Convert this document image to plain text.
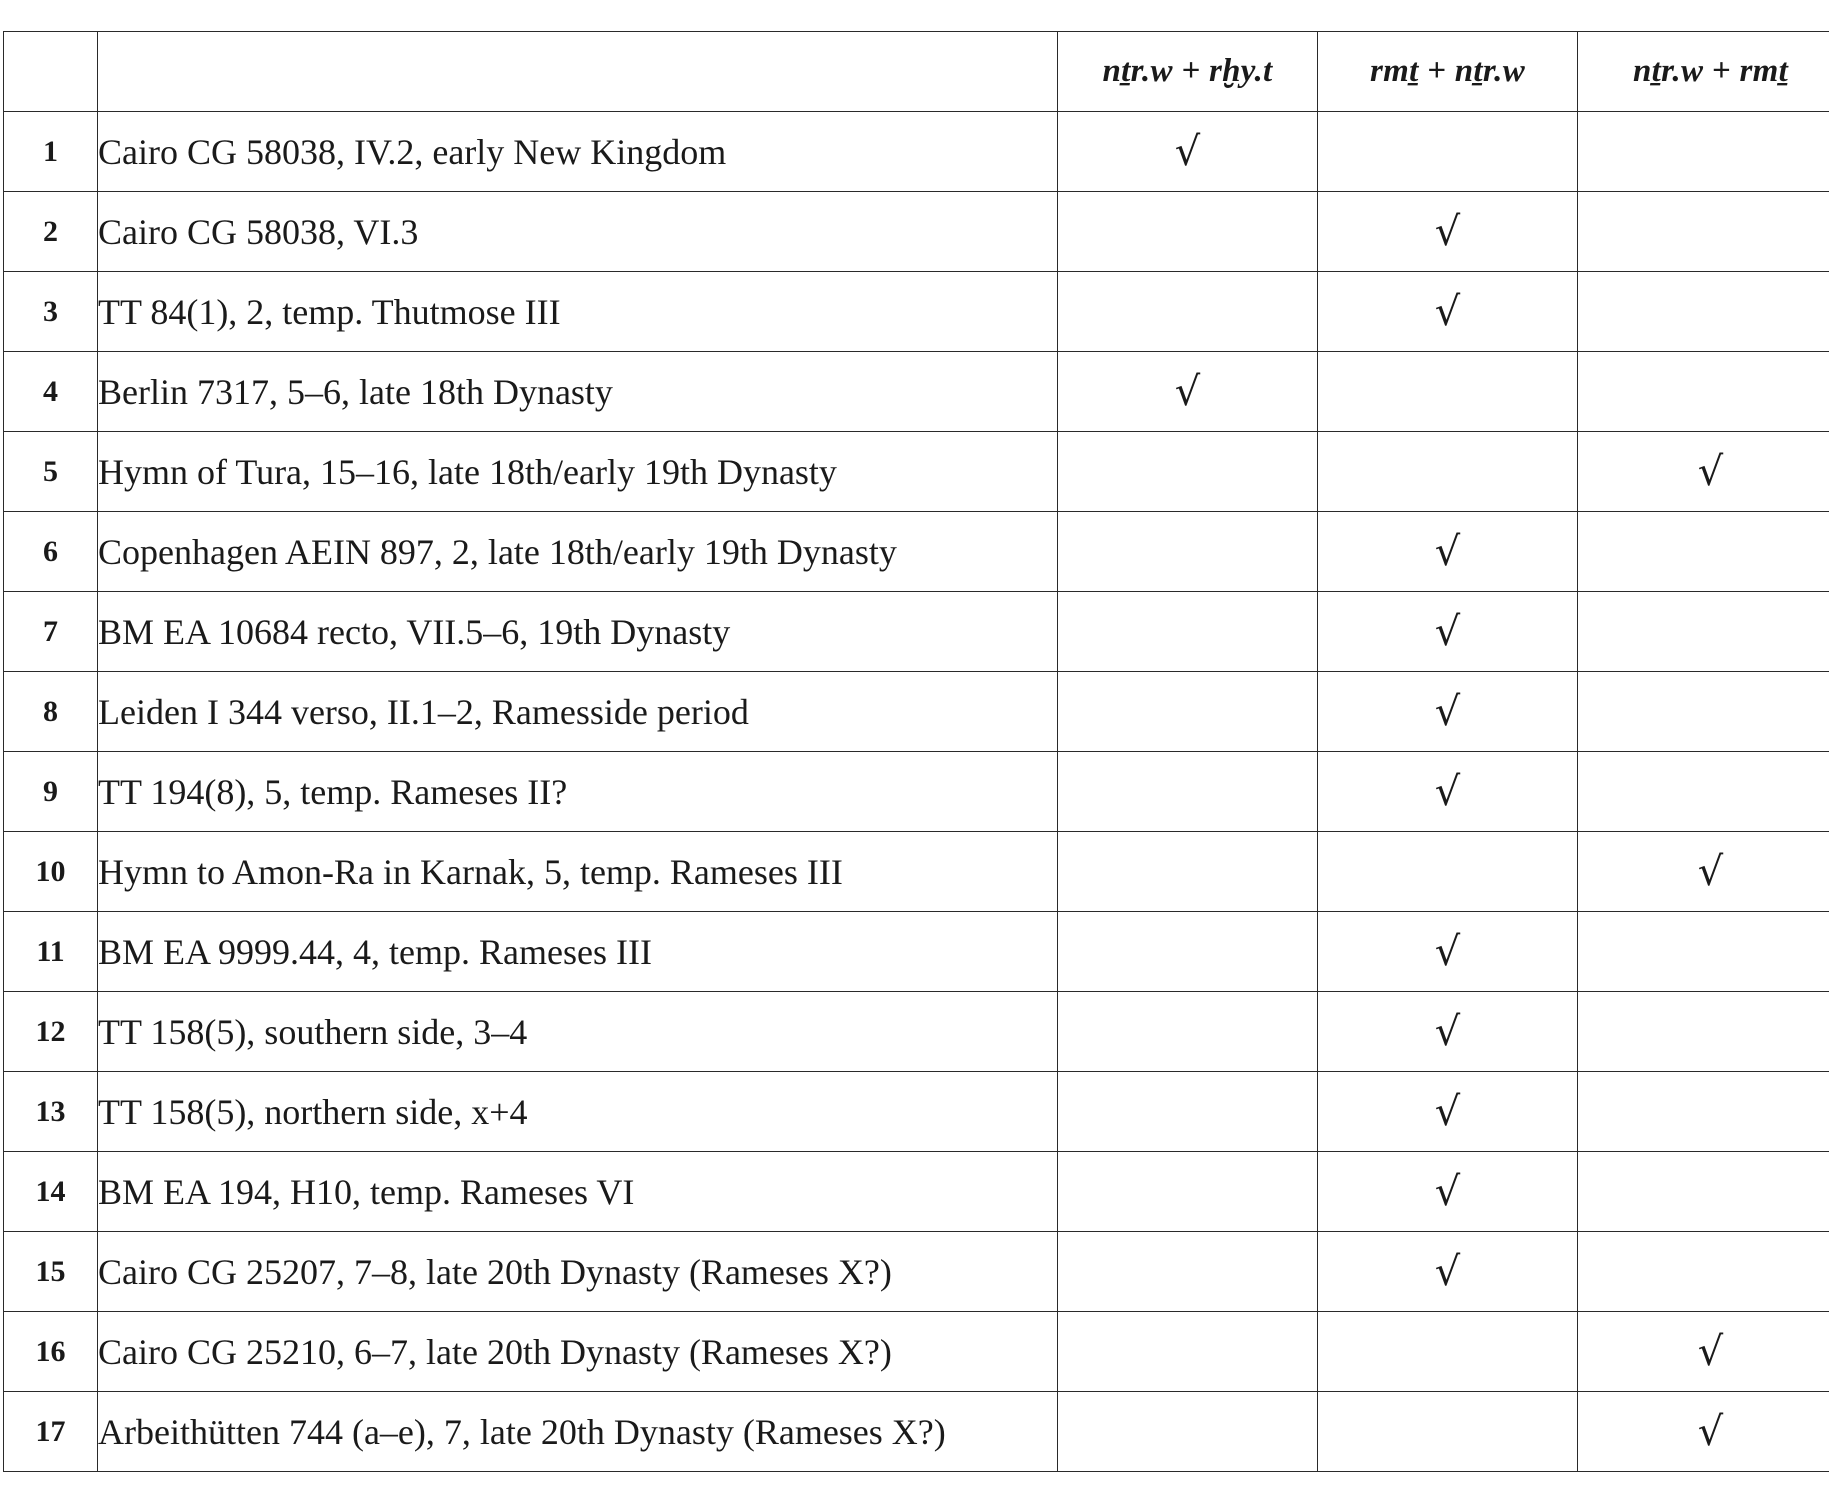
		nṯr.w + rḫy.t	rmṯ + nṯr.w	nṯr.w + rmṯ
1	Cairo CG 58038, IV.2, early New Kingdom	√		
2	Cairo CG 58038, VI.3		√	
3	TT 84(1), 2, temp. Thutmose III		√	
4	Berlin 7317, 5–6, late 18th Dynasty	√		
5	Hymn of Tura, 15–16, late 18th/early 19th Dynasty			√
6	Copenhagen AEIN 897, 2, late 18th/early 19th Dynasty		√	
7	BM EA 10684 recto, VII.5–6, 19th Dynasty		√	
8	Leiden I 344 verso, II.1–2, Ramesside period		√	
9	TT 194(8), 5, temp. Rameses II?		√	
10	Hymn to Amon-Ra in Karnak, 5, temp. Rameses III			√
11	BM EA 9999.44, 4, temp. Rameses III		√	
12	TT 158(5), southern side, 3–4		√	
13	TT 158(5), northern side, x+4		√	
14	BM EA 194, H10, temp. Rameses VI		√	
15	Cairo CG 25207, 7–8, late 20th Dynasty (Rameses X?)		√	
16	Cairo CG 25210, 6–7, late 20th Dynasty (Rameses X?)			√
17	Arbeithütten 744 (a–e), 7, late 20th Dynasty (Rameses X?)			√
